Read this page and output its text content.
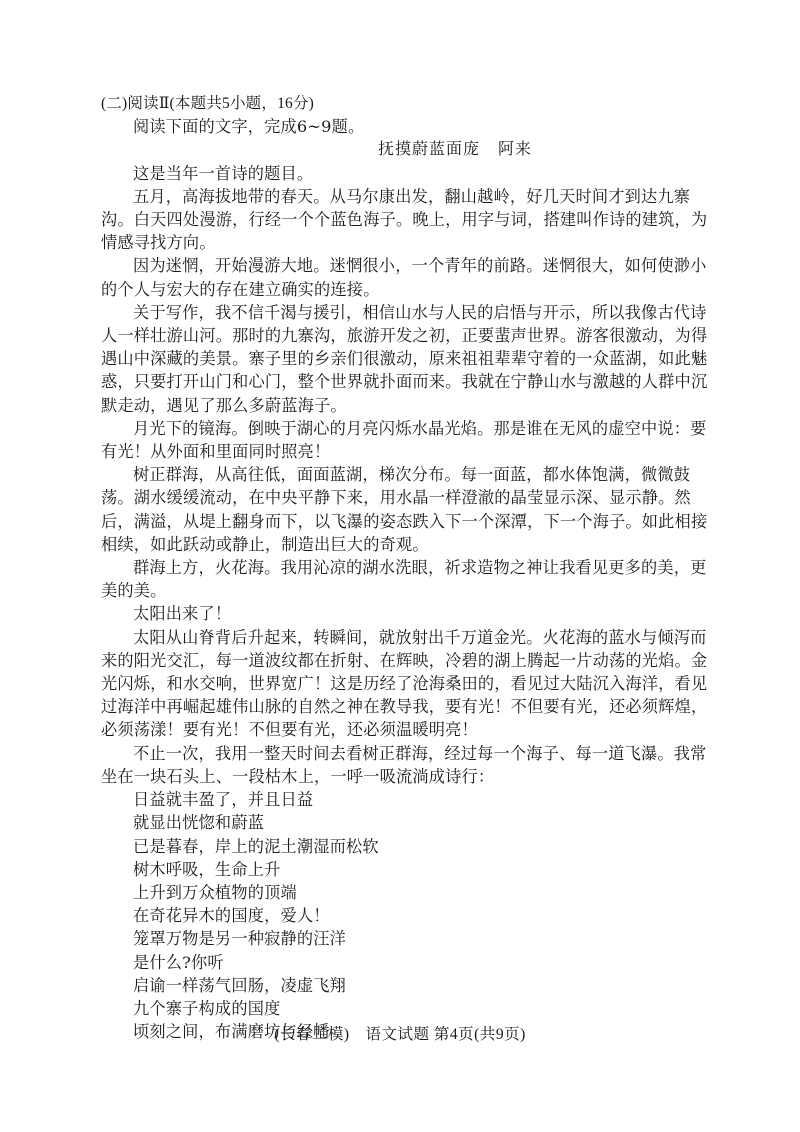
(二)阅读Ⅱ(本题共5小题，16分)
阅读下面的文字，完成6~9题。
抚摸蔚蓝面庞 阿来
这是当年一首诗的题目。
五月，高海拔地带的春天。从马尔康出发，翻山越岭，好几天时间才到达九寨
沟。白天四处漫游，行经一个个蓝色海子。晚上，用字与词，搭建叫作诗的建筑，为
情感寻找方向。
因为迷惘，开始漫游大地。迷惘很小，一个青年的前路。迷惘很大，如何使渺小
的个人与宏大的存在建立确实的连接。
关于写作，我不信千渴与援引，相信山水与人民的启悟与开示，所以我像古代诗
人一样壮游山河。那时的九寨沟，旅游开发之初，正要蜚声世界。游客很激动，为得
遇山中深藏的美景。寨子里的乡亲们很激动，原来祖祖辈辈守着的一众蓝湖，如此魅
惑，只要打开山门和心门，整个世界就扑面而来。我就在宁静山水与激越的人群中沉
默走动，遇见了那么多蔚蓝海子。
月光下的镜海。倒映于湖心的月亮闪烁水晶光焰。那是谁在无风的虚空中说：要
有光！从外面和里面同时照亮！
树正群海，从高往低，面面蓝湖，梯次分布。每一面蓝，都水体饱满，微微鼓
荡。湖水缓缓流动，在中央平静下来，用水晶一样澄澈的晶莹显示深、显示静。然
后，满溢，从堤上翻身而下，以飞瀑的姿态跌入下一个深潭，下一个海子。如此相接
相续，如此跃动或静止，制造出巨大的奇观。
群海上方，火花海。我用沁凉的湖水洗眼，祈求造物之神让我看见更多的美，更
美的美。
太阳出来了！
太阳从山脊背后升起来，转瞬间，就放射出千万道金光。火花海的蓝水与倾泻而
来的阳光交汇，每一道波纹都在折射、在辉映，冷碧的湖上腾起一片动荡的光焰。金
光闪烁，和水交响，世界宽广！这是历经了沧海桑田的，看见过大陆沉入海洋，看见
过海洋中再崛起雄伟山脉的自然之神在教导我，要有光！不但要有光，还必须辉煌，
必须荡漾！要有光！不但要有光，还必须温暖明亮！
不止一次，我用一整天时间去看树正群海，经过每一个海子、每一道飞瀑。我常
坐在一块石头上、一段枯木上，一呼一吸流淌成诗行：
日益就丰盈了，并且日益
就显出恍惚和蔚蓝
已是暮春，岸上的泥土潮湿而松软
树木呼吸，生命上升
上升到万众植物的顶端
在奇花异木的国度，爱人！
笼罩万物是另一种寂静的汪洋
是什么?你听
启谕一样荡气回肠，凌虚飞翔
九个寨子构成的国度
顷刻之间，布满磨坊与经幡
(长春二模)　语文试题 第4页(共9页)
